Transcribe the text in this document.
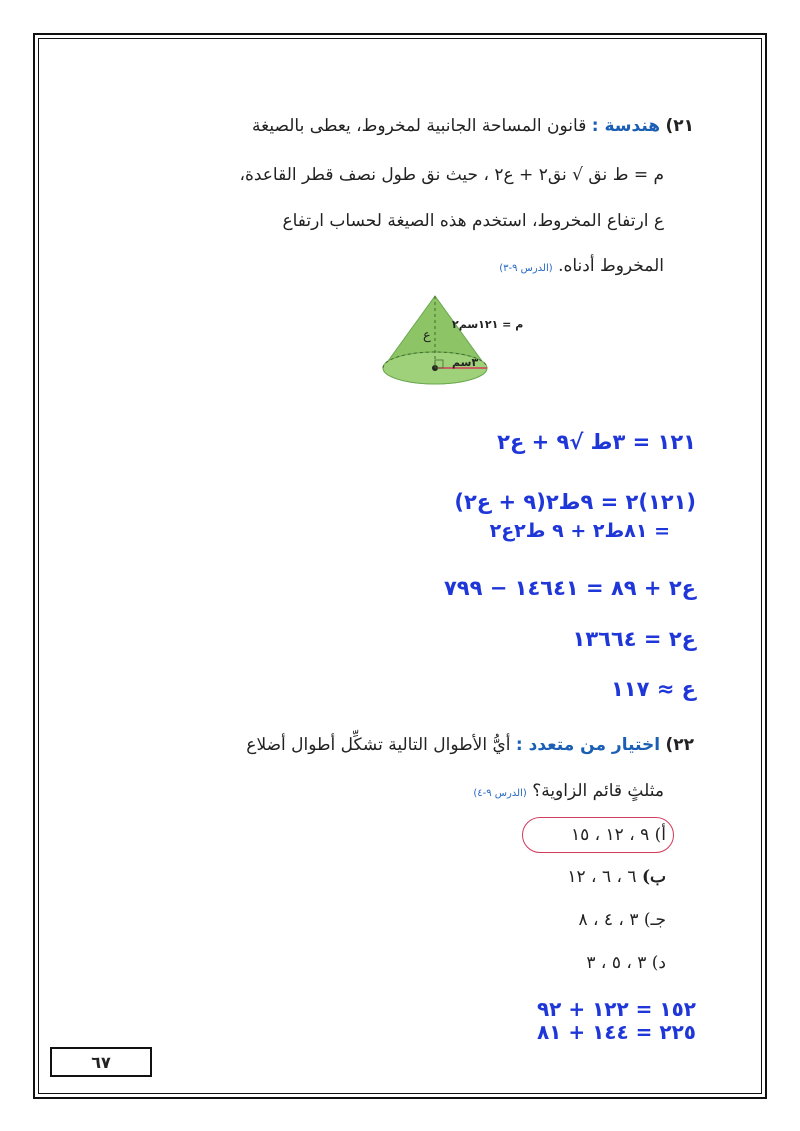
٢١) هندسة : قانون المساحة الجانبية لمخروط، يعطى بالصيغة
م = ط نق √ نق٢ + ع٢ ، حيث نق طول نصف قطر القاعدة،
ع ارتفاع المخروط، استخدم هذه الصيغة لحساب ارتفاع
المخروط أدناه. (الدرس ٩-٣)
م = ١٢١سم٢
ع
٣سم
١٢١ = ٣ط √٩ + ع٢
(١٢١)٢ = ٩ط٢(٩ + ع٢)
= ٨١ط٢ + ٩ ط٢ع٢
ع٢ + ٨٩ = ١٤٦٤١ − ٧٩٩
ع٢ = ١٣٦٦٤
ع ≈ ١١٧
٢٢) اختيار من متعدد : أيُّ الأطوال التالية تشكِّل أطوال أضلاع
مثلثٍ قائم الزاوية؟ (الدرس ٩-٤)
أ) ٩ ، ١٢ ، ١٥
ب) ٦ ، ٦ ، ١٢
جـ) ٣ ، ٤ ، ٨
د) ٣ ، ٥ ، ٣
١٥٢ = ١٢٢ + ٩٢
٢٢٥ = ١٤٤ + ٨١
٦٧
